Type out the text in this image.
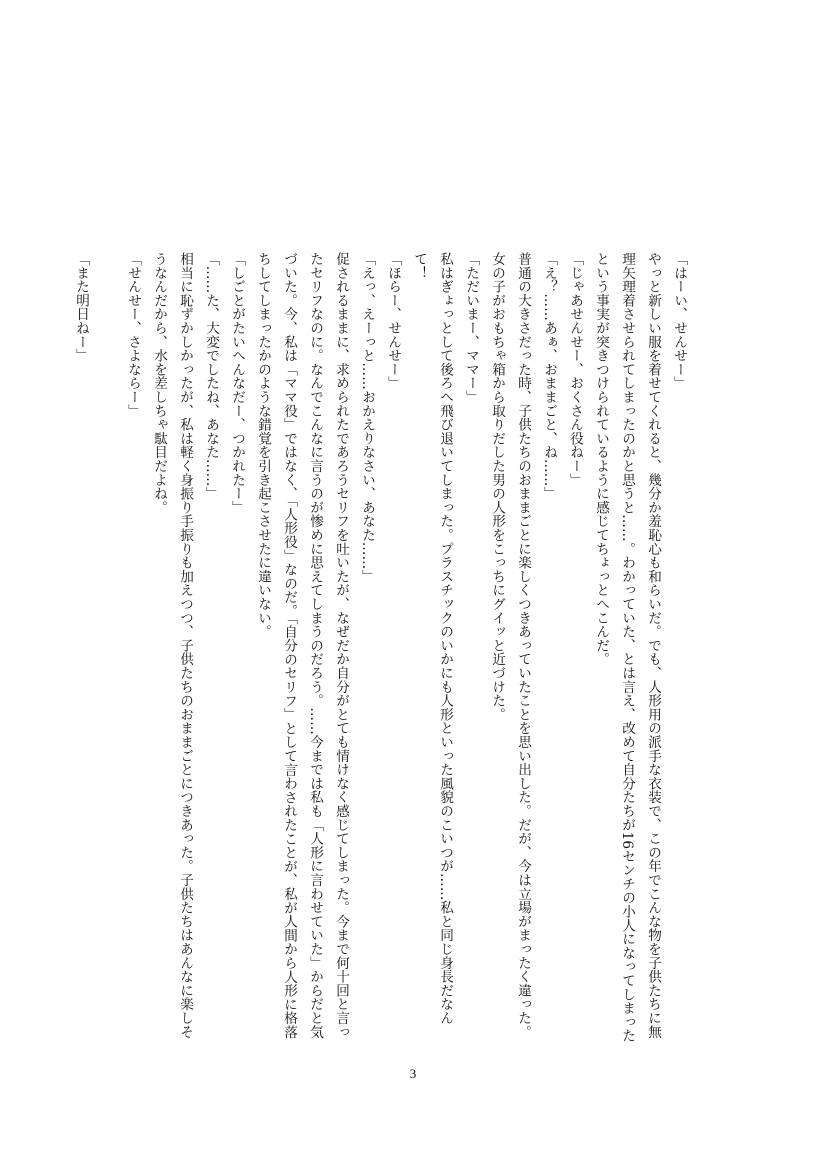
「はーい、せんせー」

やっと新しい服を着せてくれると、幾分か羞恥心も和らいだ。でも、人形用の派手な衣装で、この年でこんな物を子供たちに無理矢理着させられてしまったのかと思うと……。わかっていた、とは言え、改めて自分たちが16センチの小人になってしまったという事実が突きつけられているように感じてちょっとへこんだ。

「じゃあせんせー、おくさん役ねー」

「え？……あぁ、おままごと、ね……」

普通の大きさだった時、子供たちのおままごとに楽しくつきあっていたことを思い出した。だが、今は立場がまったく違った。

女の子がおもちゃ箱から取りだした男の人形をこっちにグイッと近づけた。

「ただいまー、ママー」

私はぎょっとして後ろへ飛び退いてしまった。プラスチックのいかにも人形といった風貌のこいつが……私と同じ身長だなんて！

「ほらー、せんせー」

「えっ、えーっと……おかえりなさい、あなた……」

促されるままに、求められたであろうセリフを吐いたが、なぜだか自分がとても情けなく感じてしまった。今まで何十回と言ったセリフなのに。なんでこんなに言うのが惨めに思えてしまうのだろう。……今までは私も「人形に言わせていた」からだと気づいた。今、私は「ママ役」ではなく、「人形役」なのだ。「自分のセリフ」として言わされたことが、私が人間から人形に格落ちしてしまったかのような錯覚を引き起こさせたに違いない。

「しごとがたいへんなだー、つかれたー」

「……た、大変でしたね、あなた……」

相当に恥ずかしかったが、私は軽く身振り手振りも加えつつ、子供たちのおままごとにつきあった。子供たちはあんなに楽しそうなんだから、水を差しちゃ駄目だよね。

「せんせー、さよならー」

「また明日ねー」

3
